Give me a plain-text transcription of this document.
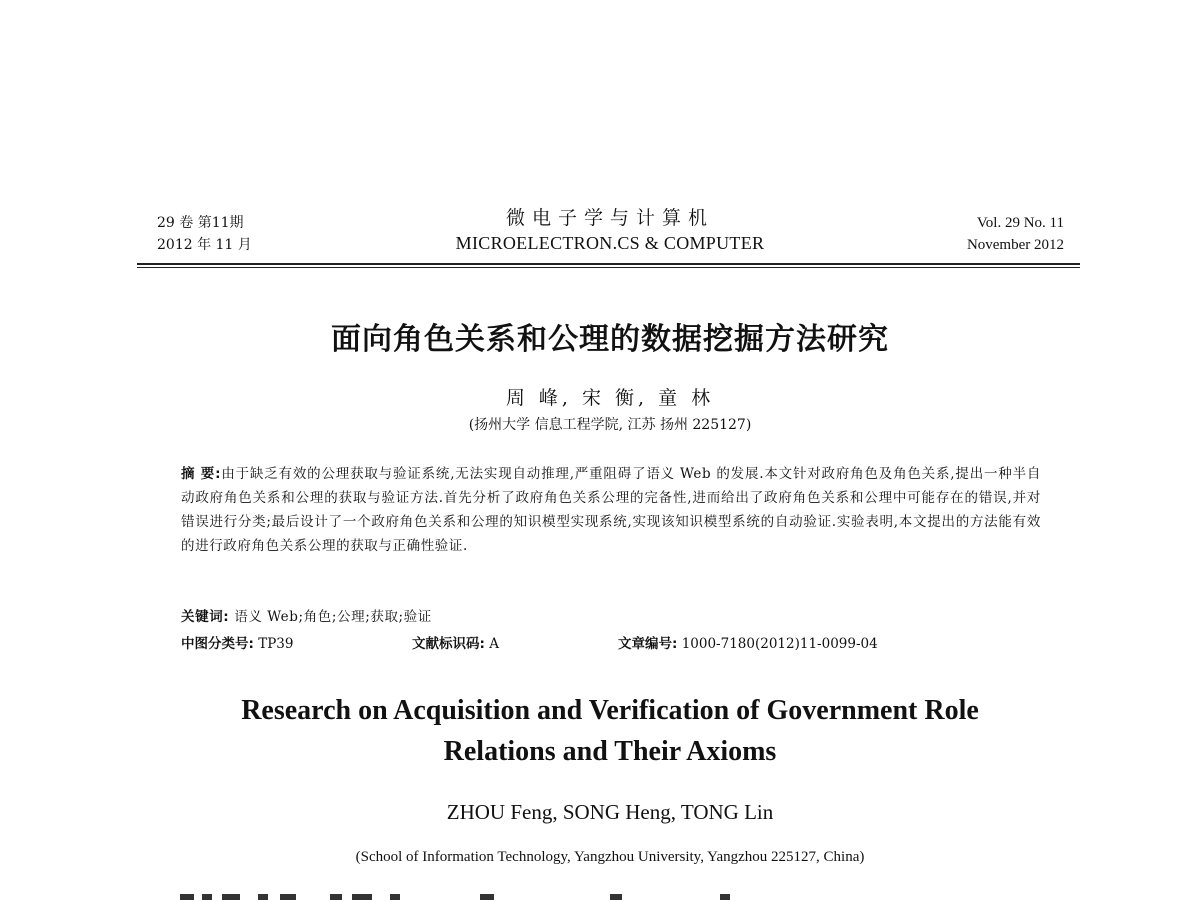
29 卷 第11期
2012 年 11 月
微电子学与计算机
MICROELECTRON.CS & COMPUTER
Vol. 29 No. 11
November 2012
面向角色关系和公理的数据挖掘方法研究
周 峰, 宋 衡, 童 林
(扬州大学 信息工程学院, 江苏 扬州 225127)
摘 要:由于缺乏有效的公理获取与验证系统,无法实现自动推理,严重阻碍了语义 Web 的发展.本文针对政府角色及角色关系,提出一种半自动政府角色关系和公理的获取与验证方法.首先分析了政府角色关系公理的完备性,进而给出了政府角色关系和公理中可能存在的错误,并对错误进行分类;最后设计了一个政府角色关系和公理的知识模型实现系统,实现该知识模型系统的自动验证.实验表明,本文提出的方法能有效的进行政府角色关系公理的获取与正确性验证.
关键词: 语义 Web;角色;公理;获取;验证
中图分类号: TP39	文献标识码: A	文章编号: 1000-7180(2012)11-0099-04
Research on Acquisition and Verification of Government Role
Relations and Their Axioms
ZHOU Feng, SONG Heng, TONG Lin
(School of Information Technology, Yangzhou University, Yangzhou 225127, China)
